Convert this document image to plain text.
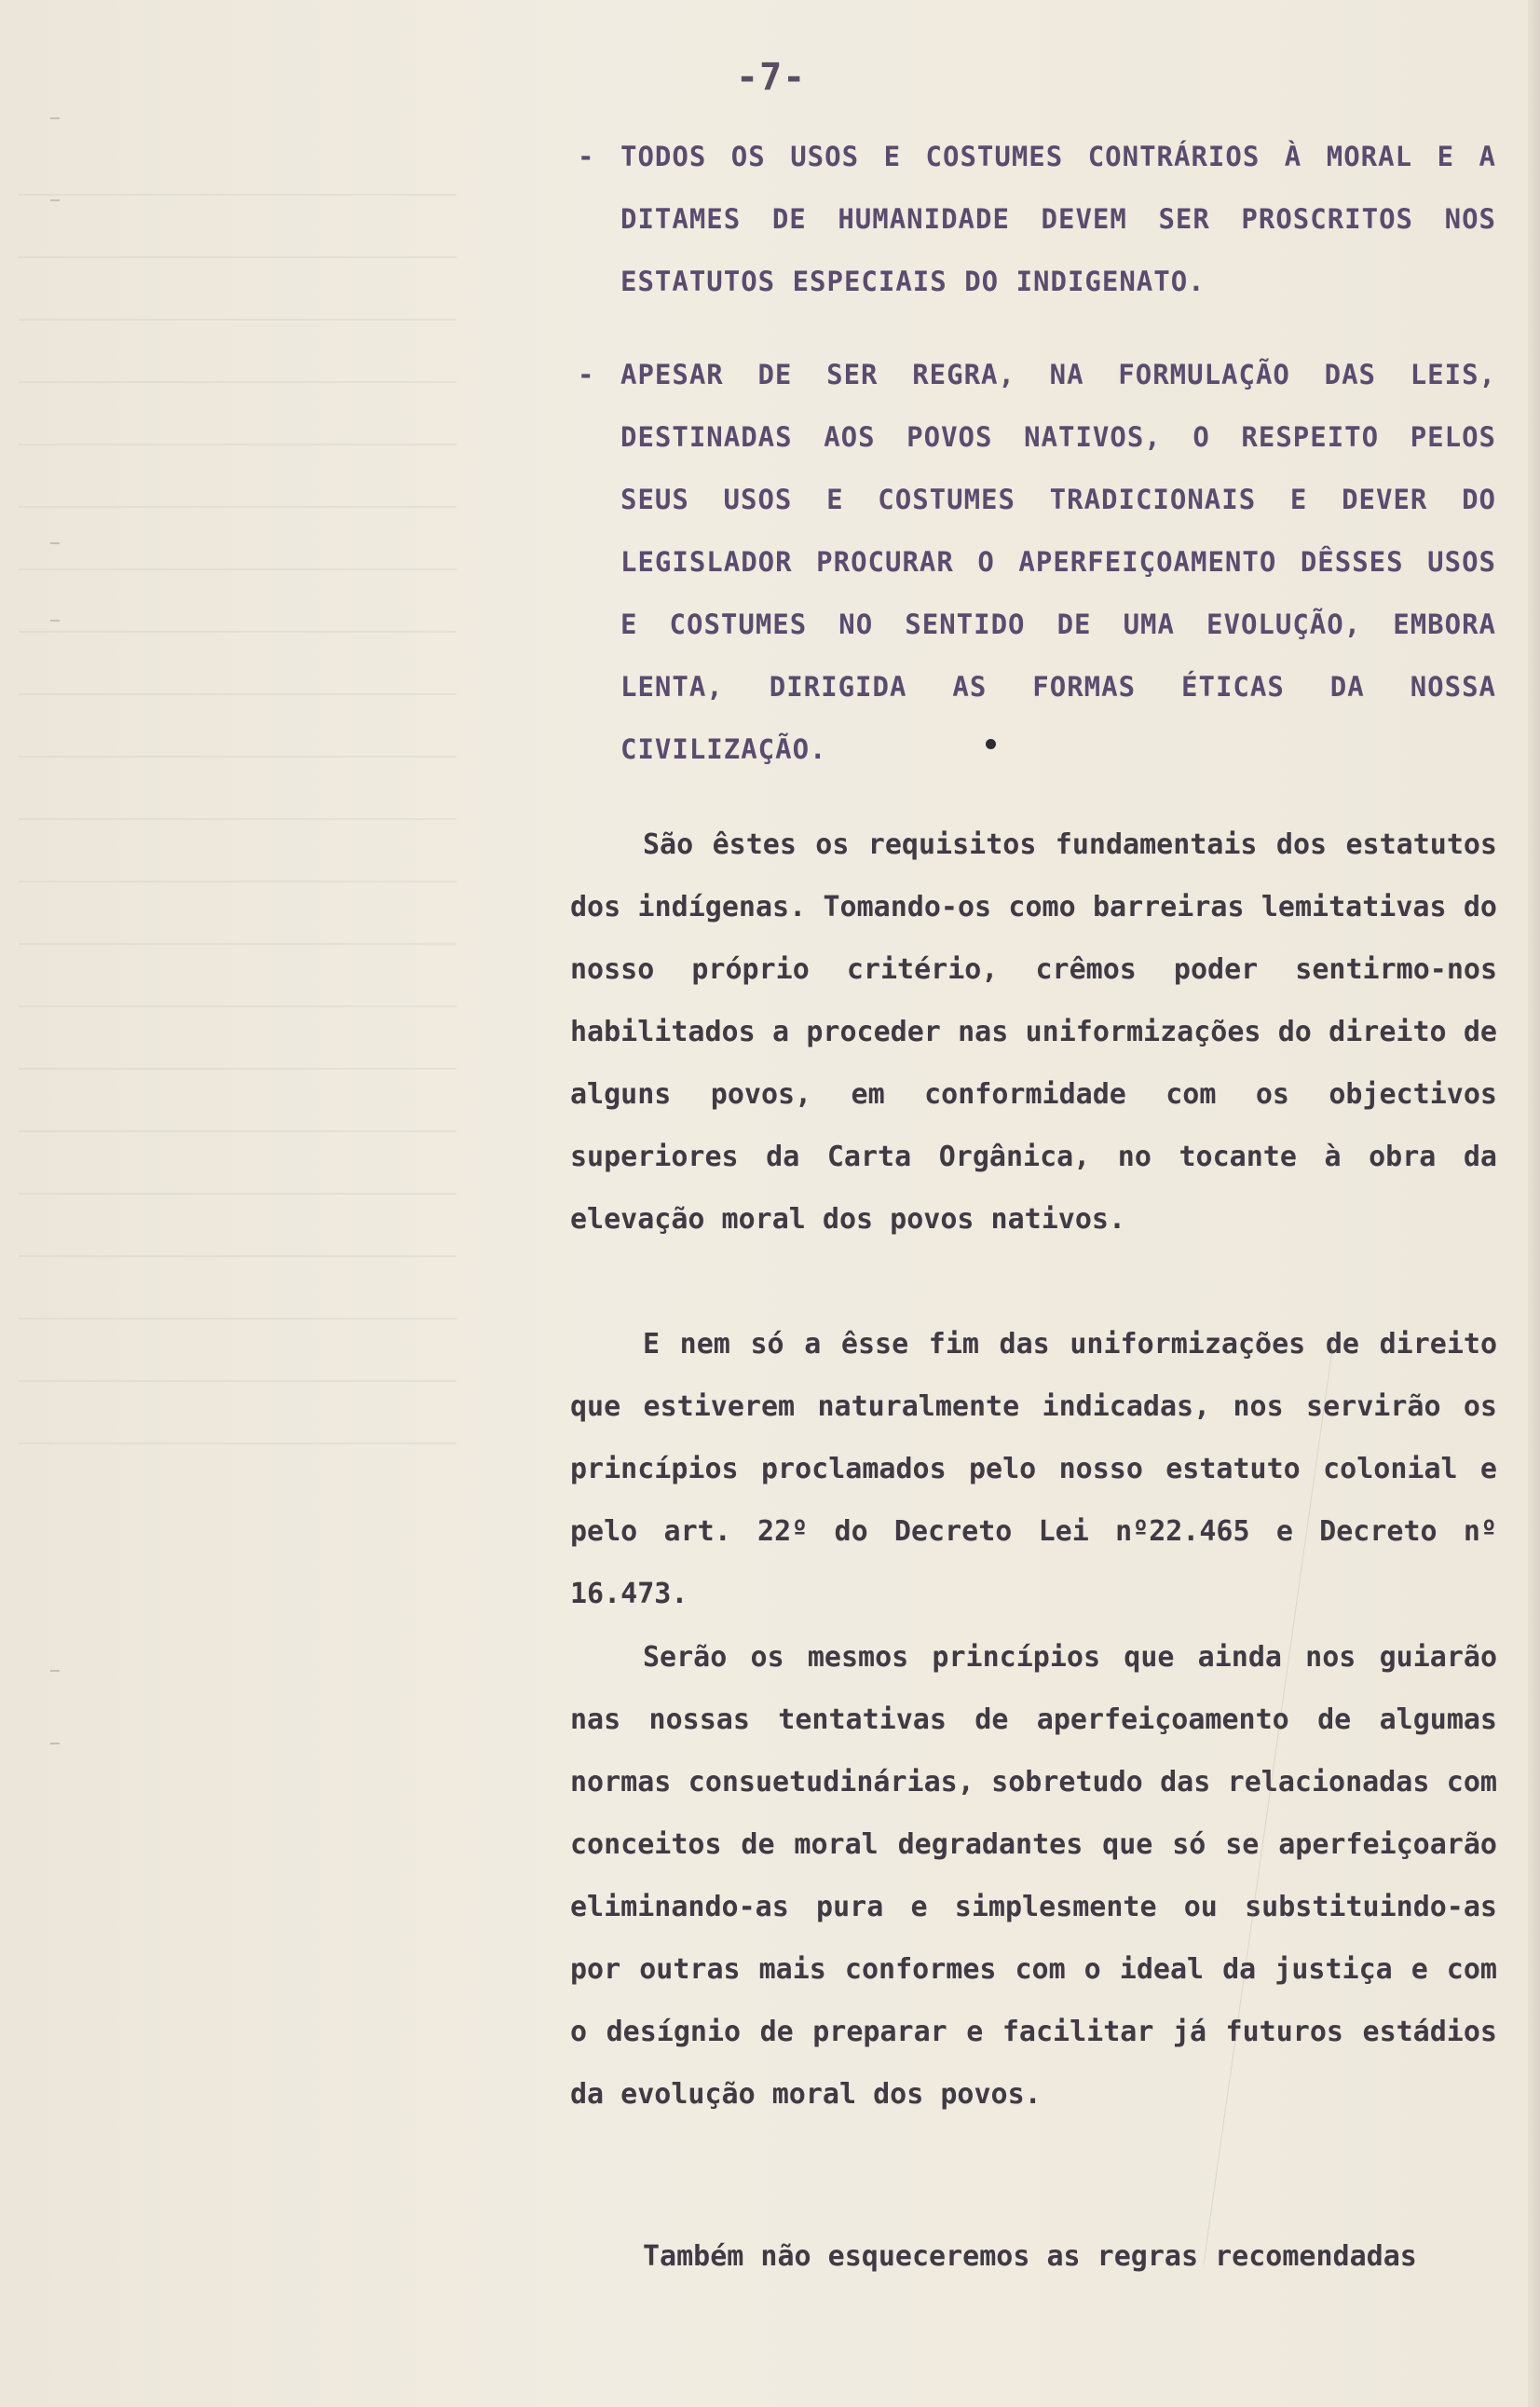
-7-
- TODOS OS USOS E COSTUMES CONTRÁRIOS À MORAL E A DITAMES DE HUMANIDADE DEVEM SER PROSCRITOS NOS ESTATUTOS ESPECIAIS DO INDIGENATO.
- APESAR DE SER REGRA, NA FORMULAÇÃO DAS LEIS, DESTINADAS AOS POVOS NATIVOS, O RESPEITO PELOS SEUS USOS E COSTUMES TRADICIONAIS E DEVER DO LEGISLADOR PROCURAR O APERFEIÇOAMENTO DÊSSES USOS E COSTUMES NO SENTIDO DE UMA EVOLUÇÃO, EMBORA LENTA, DIRIGIDA AS FORMAS ÉTICAS DA NOSSA CIVILIZAÇÃO.
São êstes os requisitos fundamentais dos estatutos dos indígenas. Tomando-os como barreiras lemitativas do nosso próprio critério, crêmos poder sentirmo-nos habilitados a proceder nas uniformizações do direito de alguns povos, em conformidade com os objectivos superiores da Carta Orgânica, no tocante à obra da elevação moral dos povos nativos.
E nem só a êsse fim das uniformizações de direito que estiverem naturalmente indicadas, nos servirão os princípios proclamados pelo nosso estatuto colonial e pelo art. 22º do Decreto Lei nº22.465 e Decreto nº 16.473.
Serão os mesmos princípios que ainda nos guiarão nas nossas tentativas de aperfeiçoamento de algumas normas consuetudinárias, sobretudo das relacionadas com conceitos de moral degradantes que só se aperfeiçoarão eliminando-as pura e simplesmente ou substituindo-as por outras mais conformes com o ideal da justiça e com o desígnio de preparar e facilitar já futuros estádios da evolução moral dos povos.
Também não esqueceremos as regras recomendadas
